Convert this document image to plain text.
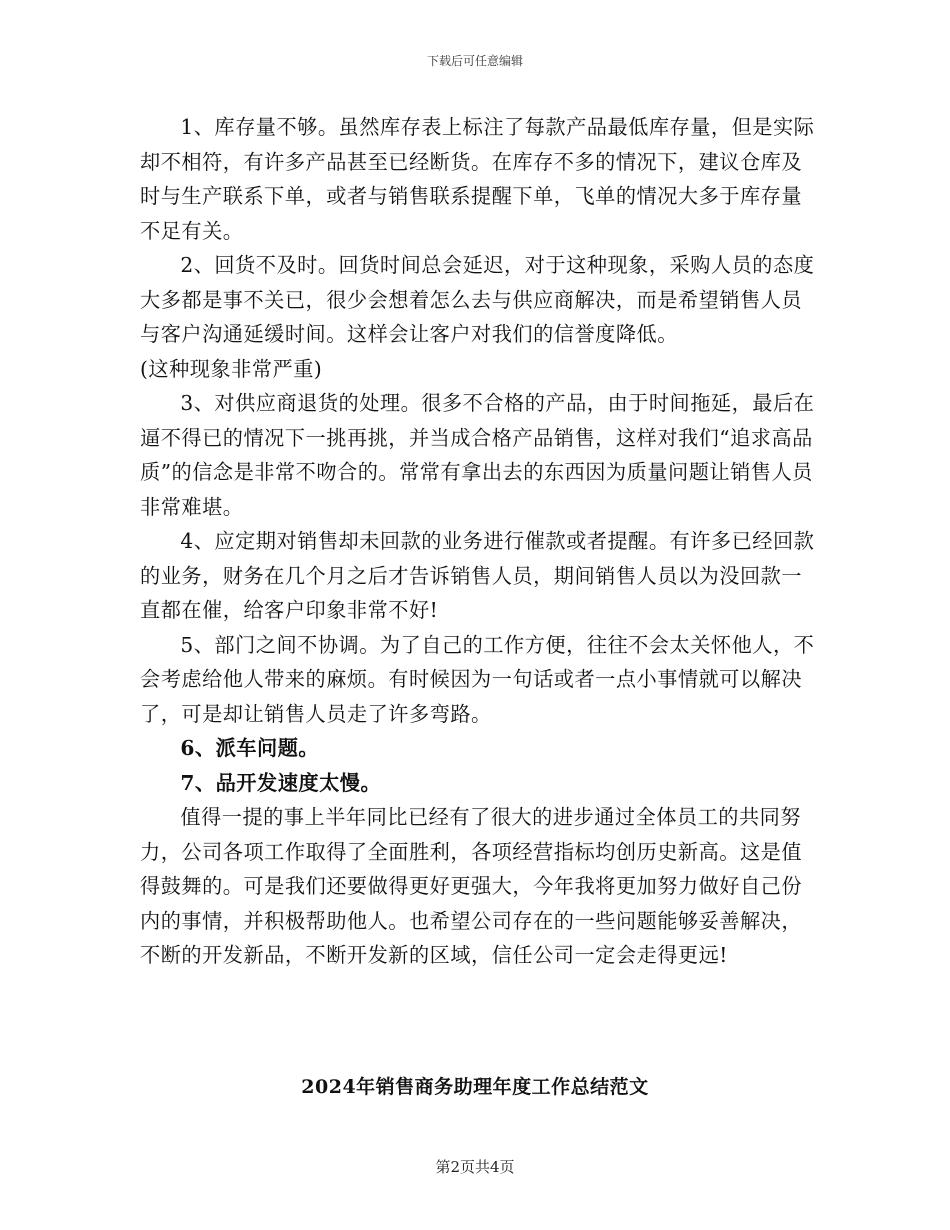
下载后可任意编辑

1、库存量不够。虽然库存表上标注了每款产品最低库存量，但是实际却不相符，有许多产品甚至已经断货。在库存不多的情况下，建议仓库及时与生产联系下单，或者与销售联系提醒下单，飞单的情况大多于库存量不足有关。

2、回货不及时。回货时间总会延迟，对于这种现象，采购人员的态度大多都是事不关已，很少会想着怎么去与供应商解决，而是希望销售人员与客户沟通延缓时间。这样会让客户对我们的信誉度降低。

(这种现象非常严重)

3、对供应商退货的处理。很多不合格的产品，由于时间拖延，最后在逼不得已的情况下一挑再挑，并当成合格产品销售，这样对我们“追求高品质”的信念是非常不吻合的。常常有拿出去的东西因为质量问题让销售人员非常难堪。

4、应定期对销售却未回款的业务进行催款或者提醒。有许多已经回款的业务，财务在几个月之后才告诉销售人员，期间销售人员以为没回款一直都在催，给客户印象非常不好!

5、部门之间不协调。为了自己的工作方便，往往不会太关怀他人，不会考虑给他人带来的麻烦。有时候因为一句话或者一点小事情就可以解决了，可是却让销售人员走了许多弯路。

6、派车问题。

7、品开发速度太慢。

值得一提的事上半年同比已经有了很大的进步通过全体员工的共同努力，公司各项工作取得了全面胜利，各项经营指标均创历史新高。这是值得鼓舞的。可是我们还要做得更好更强大，今年我将更加努力做好自己份内的事情，并积极帮助他人。也希望公司存在的一些问题能够妥善解决，不断的开发新品，不断开发新的区域，信任公司一定会走得更远!

2024年销售商务助理年度工作总结范文
第2页共4页
